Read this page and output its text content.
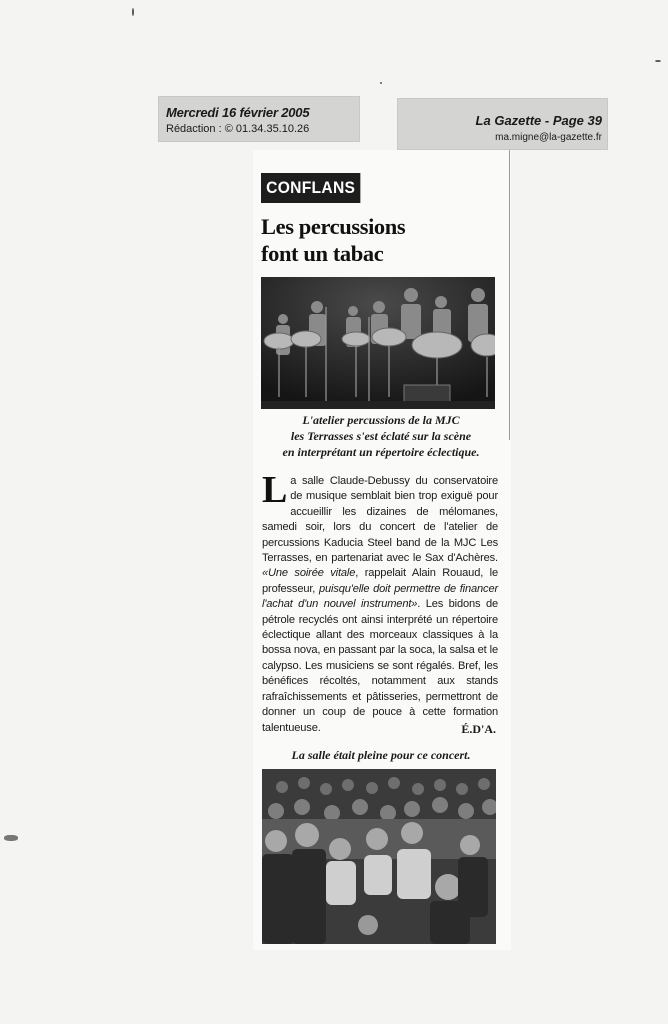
Mercredi 16 février 2005
Rédaction : © 01.34.35.10.26
La Gazette - Page 39
ma.migne@la-gazette.fr
CONFLANS
Les percussions
font un tabac
L'atelier percussions de la MJC
les Terrasses s'est éclaté sur la scène
en interprétant un répertoire éclectique.
La salle Claude-Debussy du conservatoire de musique semblait bien trop exiguë pour accueillir les dizaines de mélomanes, samedi soir, lors du concert de l'atelier de percussions Kaducia Steel band de la MJC Les Terrasses, en partenariat avec le Sax d'Achères. «Une soirée vitale, rappelait Alain Rouaud, le professeur, puisqu'elle doit permettre de financer l'achat d'un nouvel instrument». Les bidons de pétrole recyclés ont ainsi interprété un répertoire éclectique allant des morceaux classiques à la bossa nova, en passant par la soca, la salsa et le calypso. Les musiciens se sont régalés. Bref, les bénéfices récoltés, notamment aux stands rafraîchissements et pâtisseries, permettront de donner un coup de pouce à cette formation talentueuse.	É.D'A.
La salle était pleine pour ce concert.
